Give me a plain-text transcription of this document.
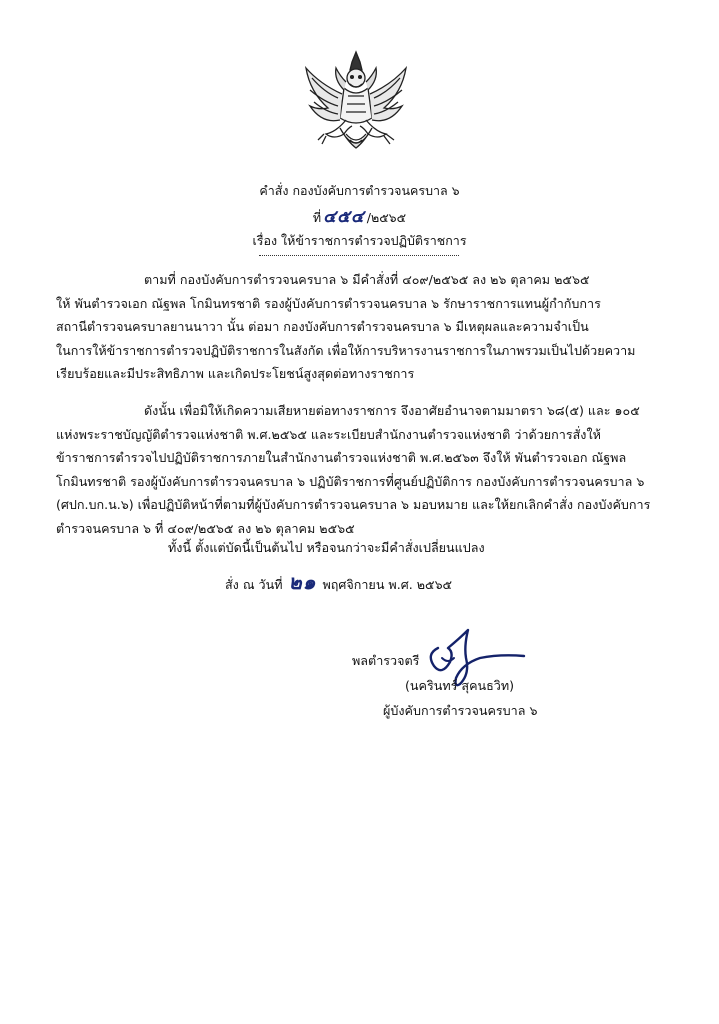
คำสั่ง กองบังคับการตำรวจนครบาล ๖
ที่ ๔๕๔ /๒๕๖๕
เรื่อง ให้ข้าราชการตำรวจปฏิบัติราชการ
ตามที่ กองบังคับการตำรวจนครบาล ๖ มีคำสั่งที่ ๔๐๙/๒๕๖๕ ลง ๒๖ ตุลาคม ๒๕๖๕
ให้ พันตำรวจเอก ณัฐพล โกมินทรชาติ รองผู้บังคับการตำรวจนครบาล ๖ รักษาราชการแทนผู้กำกับการ
สถานีตำรวจนครบาลยานนาวา นั้น ต่อมา กองบังคับการตำรวจนครบาล ๖ มีเหตุผลและความจำเป็น
ในการให้ข้าราชการตำรวจปฏิบัติราชการในสังกัด เพื่อให้การบริหารงานราชการในภาพรวมเป็นไปด้วยความ
เรียบร้อยและมีประสิทธิภาพ และเกิดประโยชน์สูงสุดต่อทางราชการ
ดังนั้น เพื่อมิให้เกิดความเสียหายต่อทางราชการ จึงอาศัยอำนาจตามมาตรา ๖๘(๕) และ ๑๐๕
แห่งพระราชบัญญัติตำรวจแห่งชาติ พ.ศ.๒๕๖๕ และระเบียบสำนักงานตำรวจแห่งชาติ ว่าด้วยการสั่งให้
ข้าราชการตำรวจไปปฏิบัติราชการภายในสำนักงานตำรวจแห่งชาติ พ.ศ.๒๕๖๓ จึงให้ พันตำรวจเอก ณัฐพล
โกมินทรชาติ รองผู้บังคับการตำรวจนครบาล ๖ ปฏิบัติราชการที่ศูนย์ปฏิบัติการ กองบังคับการตำรวจนครบาล ๖
(ศปก.บก.น.๖) เพื่อปฏิบัติหน้าที่ตามที่ผู้บังคับการตำรวจนครบาล ๖ มอบหมาย และให้ยกเลิกคำสั่ง กองบังคับการ
ตำรวจนครบาล ๖ ที่ ๔๐๙/๒๕๖๕ ลง ๒๖ ตุลาคม ๒๕๖๕
ทั้งนี้ ตั้งแต่บัดนี้เป็นต้นไป หรือจนกว่าจะมีคำสั่งเปลี่ยนแปลง
สั่ง ณ วันที่ ๒๑ พฤศจิกายน พ.ศ. ๒๕๖๕
พลตำรวจตรี
(นครินทร์ สุคนธวิท)
ผู้บังคับการตำรวจนครบาล ๖
